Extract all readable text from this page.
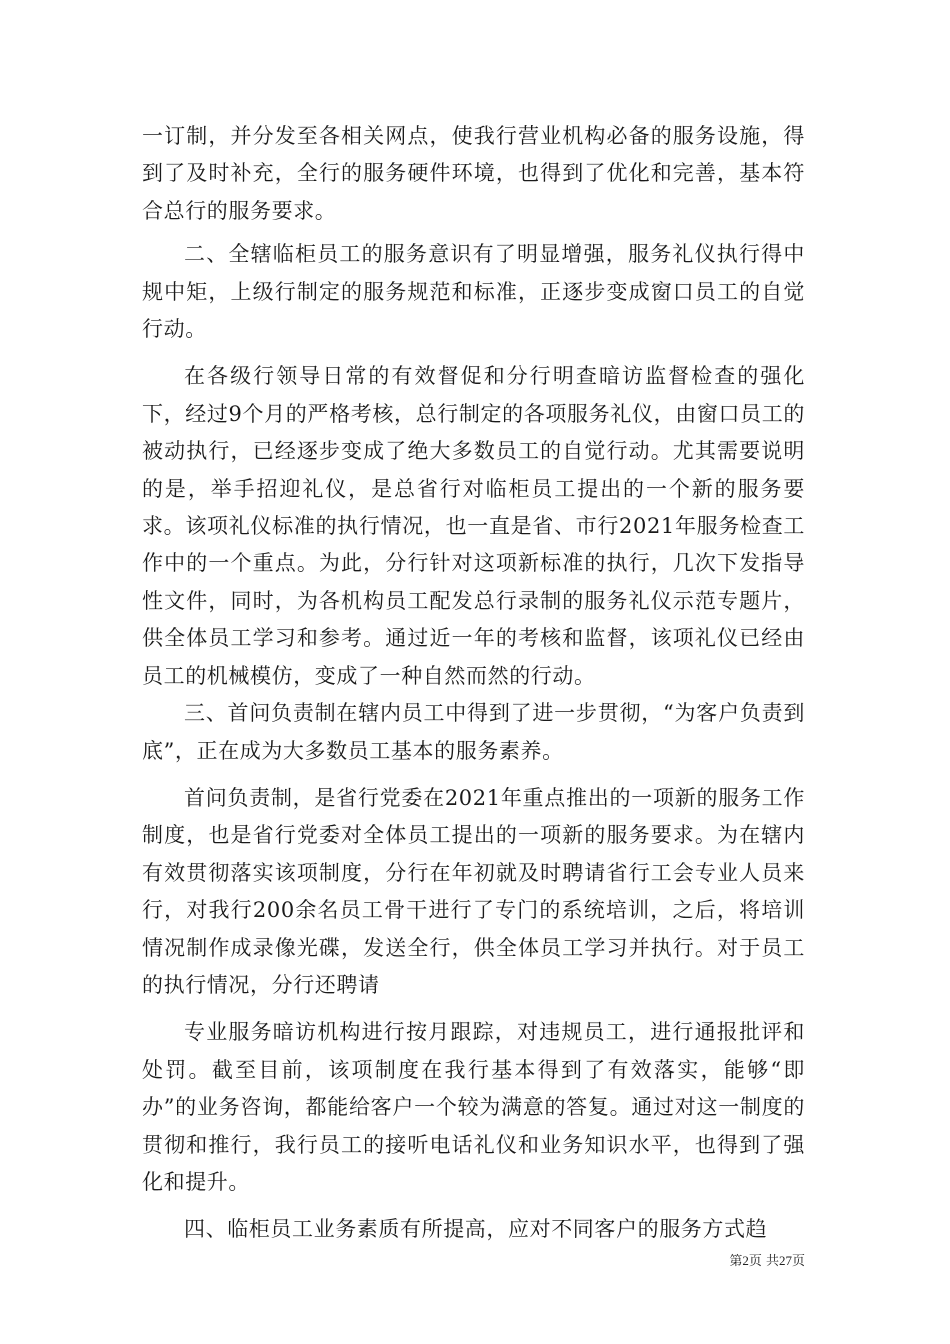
一订制，并分发至各相关网点，使我行营业机构必备的服务设施，得到了及时补充，全行的服务硬件环境，也得到了优化和完善，基本符合总行的服务要求。

二、全辖临柜员工的服务意识有了明显增强，服务礼仪执行得中规中矩，上级行制定的服务规范和标准，正逐步变成窗口员工的自觉行动。

在各级行领导日常的有效督促和分行明查暗访监督检查的强化下，经过9个月的严格考核，总行制定的各项服务礼仪，由窗口员工的被动执行，已经逐步变成了绝大多数员工的自觉行动。尤其需要说明的是，举手招迎礼仪，是总省行对临柜员工提出的一个新的服务要求。该项礼仪标准的执行情况，也一直是省、市行2021年服务检查工作中的一个重点。为此，分行针对这项新标准的执行，几次下发指导性文件，同时，为各机构员工配发总行录制的服务礼仪示范专题片，供全体员工学习和参考。通过近一年的考核和监督，该项礼仪已经由员工的机械模仿，变成了一种自然而然的行动。

三、首问负责制在辖内员工中得到了进一步贯彻，“为客户负责到底”，正在成为大多数员工基本的服务素养。

首问负责制，是省行党委在2021年重点推出的一项新的服务工作制度，也是省行党委对全体员工提出的一项新的服务要求。为在辖内有效贯彻落实该项制度，分行在年初就及时聘请省行工会专业人员来行，对我行200余名员工骨干进行了专门的系统培训，之后，将培训情况制作成录像光碟，发送全行，供全体员工学习并执行。对于员工的执行情况，分行还聘请

专业服务暗访机构进行按月跟踪，对违规员工，进行通报批评和处罚。截至目前，该项制度在我行基本得到了有效落实，能够“即办”的业务咨询，都能给客户一个较为满意的答复。通过对这一制度的贯彻和推行，我行员工的接听电话礼仪和业务知识水平，也得到了强化和提升。

四、临柜员工业务素质有所提高，应对不同客户的服务方式趋

第2页 共27页
